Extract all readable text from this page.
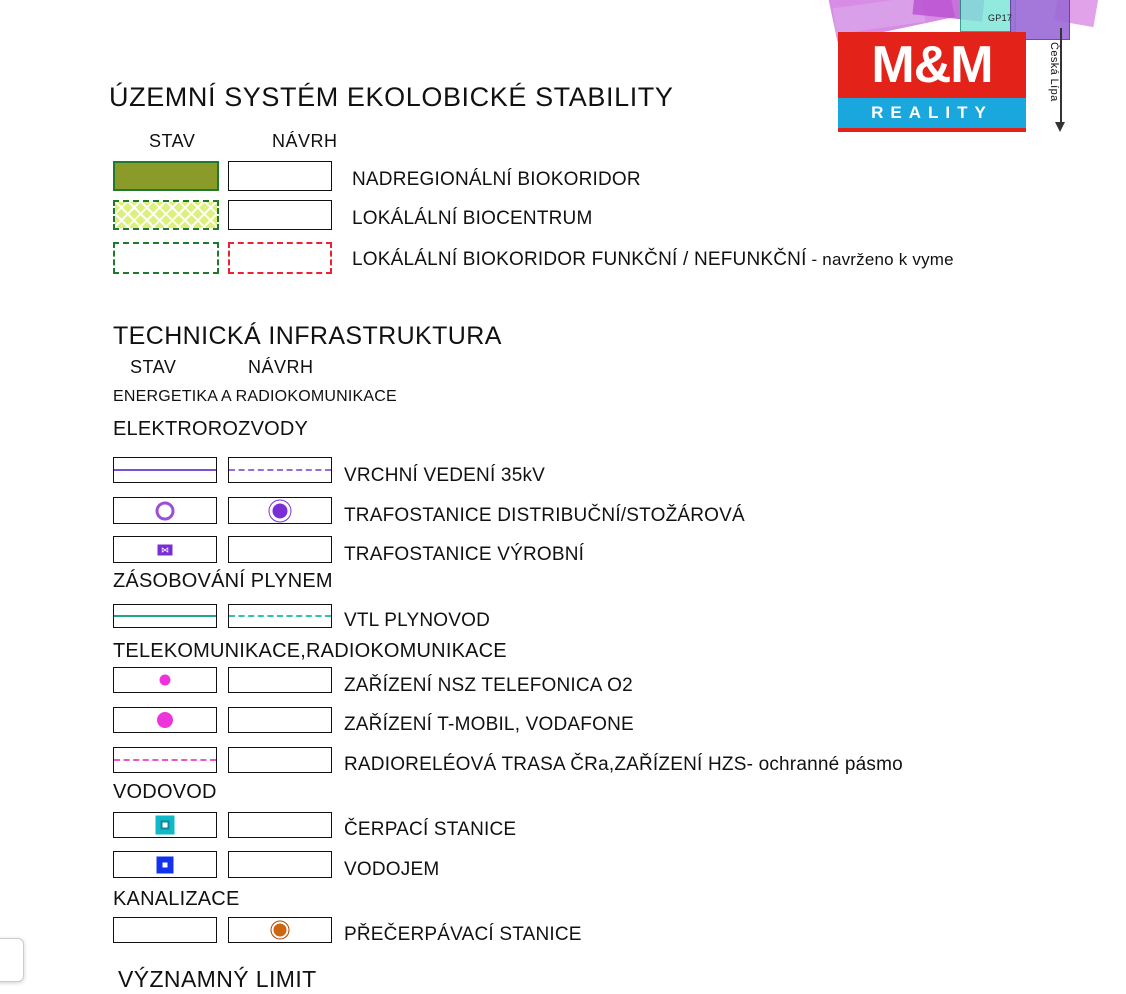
GP17
Česká Lípa
M&M
REALITY
ÚZEMNÍ SYSTÉM EKOLOBICKÉ STABILITY
STAV	NÁVRH
NADREGIONÁLNÍ BIOKORIDOR
LOKÁLÁLNÍ BIOCENTRUM
LOKÁLÁLNÍ BIOKORIDOR FUNKČNÍ / NEFUNKČNÍ - navrženo k vyme
TECHNICKÁ INFRASTRUKTURA
STAV	NÁVRH
ENERGETIKA A RADIOKOMUNIKACE
ELEKTROROZVODY
VRCHNÍ VEDENÍ 35kV
TRAFOSTANICE DISTRIBUČNÍ/STOŽÁROVÁ
⋈	TRAFOSTANICE VÝROBNÍ
ZÁSOBOVÁNÍ PLYNEM
VTL PLYNOVOD
TELEKOMUNIKACE,RADIOKOMUNIKACE
ZAŘÍZENÍ NSZ TELEFONICA O2
ZAŘÍZENÍ T-MOBIL, VODAFONE
RADIORELÉOVÁ TRASA ČRa,ZAŘÍZENÍ HZS- ochranné pásmo
VODOVOD
ČERPACÍ STANICE
VODOJEM
KANALIZACE
PŘEČERPÁVACÍ STANICE
VÝZNAMNÝ LIMIT
